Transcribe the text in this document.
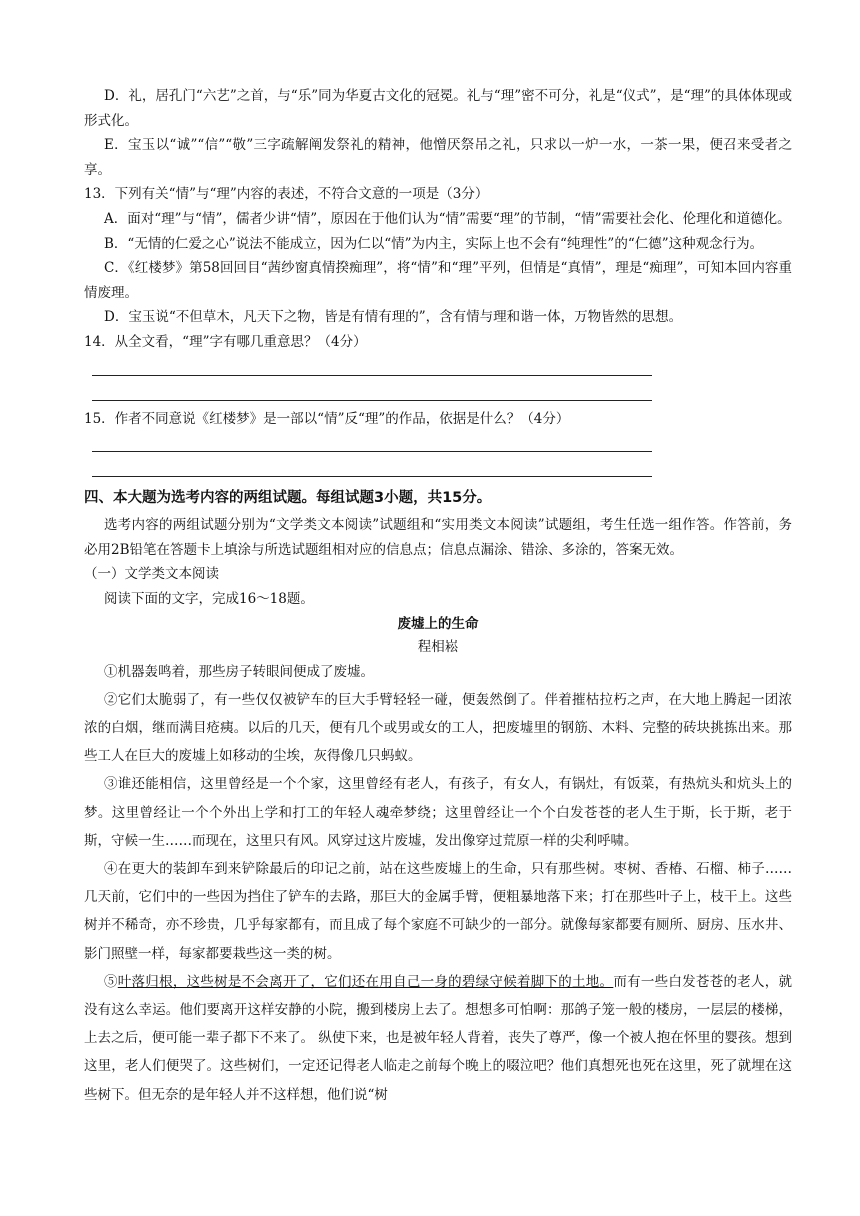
D．礼，居孔门“六艺”之首，与“乐”同为华夏古文化的冠冕。礼与“理”密不可分，礼是“仪式”，是“理”的具体体现或形式化。

E．宝玉以“诚”“信”“敬”三字疏解阐发祭礼的精神，他憎厌祭吊之礼，只求以一炉一水，一茶一果，便召来受者之享。

13．下列有关“情”与“理”内容的表述，不符合文意的一项是（3分）

A．面对“理”与“情”，儒者少讲“情”，原因在于他们认为“情”需要“理”的节制，“情”需要社会化、伦理化和道德化。

B．“无情的仁爱之心”说法不能成立，因为仁以“情”为内主，实际上也不会有“纯理性”的“仁德”这种观念行为。

C．《红楼梦》第58回回目“茜纱窗真情揆痴理”，将“情”和“理”平列，但情是“真情”，理是“痴理”，可知本回内容重情废理。

D．宝玉说“不但草木，凡天下之物，皆是有情有理的”，含有情与理和谐一体，万物皆然的思想。

14．从全文看，“理”字有哪几重意思？（4分）

15．作者不同意说《红楼梦》是一部以“情”反“理”的作品，依据是什么？（4分）

四、本大题为选考内容的两组试题。每组试题3小题，共15分。

选考内容的两组试题分别为“文学类文本阅读”试题组和“实用类文本阅读”试题组，考生任选一组作答。作答前，务必用2B铅笔在答题卡上填涂与所选试题组相对应的信息点；信息点漏涂、错涂、多涂的，答案无效。

（一）文学类文本阅读

阅读下面的文字，完成16～18题。

废墟上的生命
程相崧

①机器轰鸣着，那些房子转眼间便成了废墟。

②它们太脆弱了，有一些仅仅被铲车的巨大手臂轻轻一碰，便轰然倒了。伴着摧枯拉朽之声，在大地上腾起一团浓浓的白烟，继而满目疮痍。以后的几天，便有几个或男或女的工人，把废墟里的钢筋、木料、完整的砖块挑拣出来。那些工人在巨大的废墟上如移动的尘埃，灰得像几只蚂蚁。

③谁还能相信，这里曾经是一个个家，这里曾经有老人，有孩子，有女人，有锅灶，有饭菜，有热炕头和炕头上的梦。这里曾经让一个个外出上学和打工的年轻人魂牵梦绕；这里曾经让一个个白发苍苍的老人生于斯，长于斯，老于斯，守候一生……而现在，这里只有风。风穿过这片废墟，发出像穿过荒原一样的尖利呼啸。

④在更大的装卸车到来铲除最后的印记之前，站在这些废墟上的生命，只有那些树。枣树、香椿、石榴、柿子……几天前，它们中的一些因为挡住了铲车的去路，那巨大的金属手臂，便粗暴地落下来；打在那些叶子上，枝干上。这些树并不稀奇，亦不珍贵，几乎每家都有，而且成了每个家庭不可缺少的一部分。就像每家都要有厕所、厨房、压水井、影门照壁一样，每家都要栽些这一类的树。

⑤叶落归根，这些树是不会离开了，它们还在用自己一身的碧绿守候着脚下的土地。而有一些白发苍苍的老人，就没有这么幸运。他们要离开这样安静的小院，搬到楼房上去了。想想多可怕啊：那鸽子笼一般的楼房，一层层的楼梯，上去之后，便可能一辈子都下不来了。 纵使下来，也是被年轻人背着，丧失了尊严，像一个被人抱在怀里的婴孩。想到这里，老人们便哭了。这些树们，一定还记得老人临走之前每个晚上的啜泣吧？他们真想死也死在这里，死了就埋在这些树下。但无奈的是年轻人并不这样想，他们说“树
